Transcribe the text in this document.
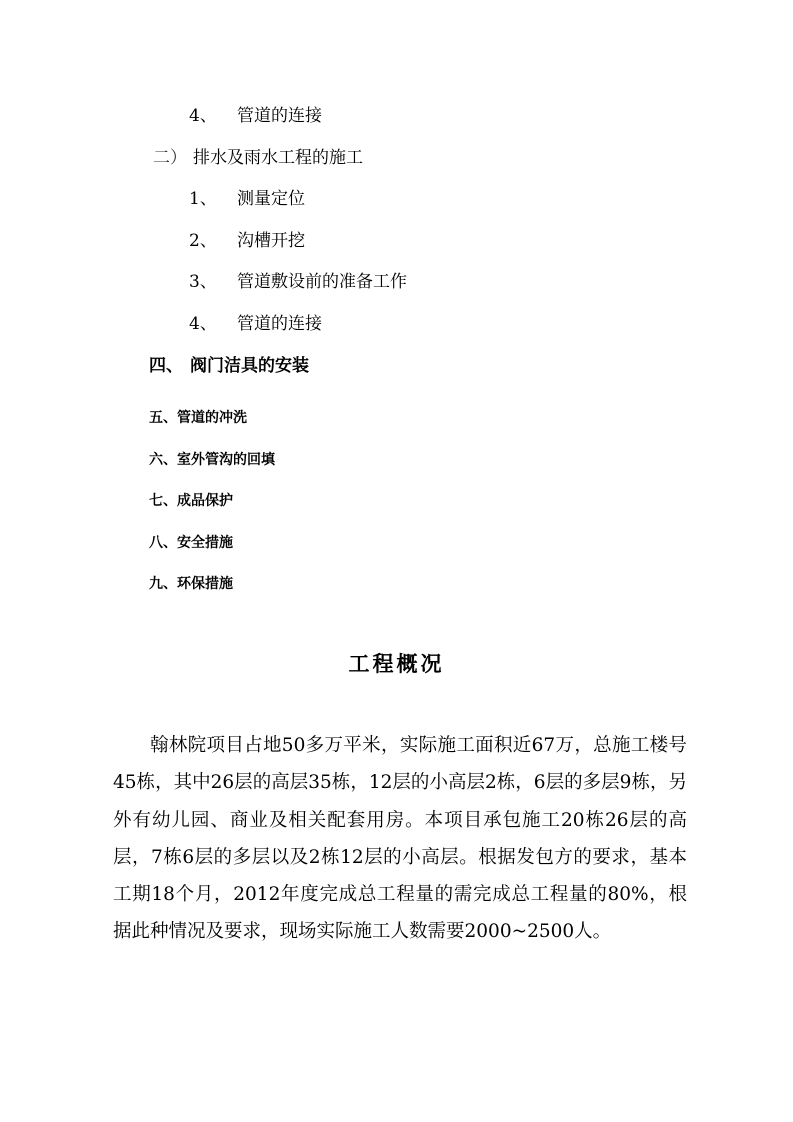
4、 管道的连接
二） 排水及雨水工程的施工
1、 测量定位
2、 沟槽开挖
3、 管道敷设前的准备工作
4、 管道的连接
四、 阀门洁具的安装
五、管道的冲洗
六、室外管沟的回填
七、成品保护
八、安全措施
九、环保措施
工程概况

翰林院项目占地50多万平米，实际施工面积近67万，总施工楼号45栋，其中26层的高层35栋，12层的小高层2栋，6层的多层9栋，另外有幼儿园、商业及相关配套用房。本项目承包施工20栋26层的高层，7栋6层的多层以及2栋12层的小高层。根据发包方的要求，基本工期18个月，2012年度完成总工程量的需完成总工程量的80%，根据此种情况及要求，现场实际施工人数需要2000~2500人。
